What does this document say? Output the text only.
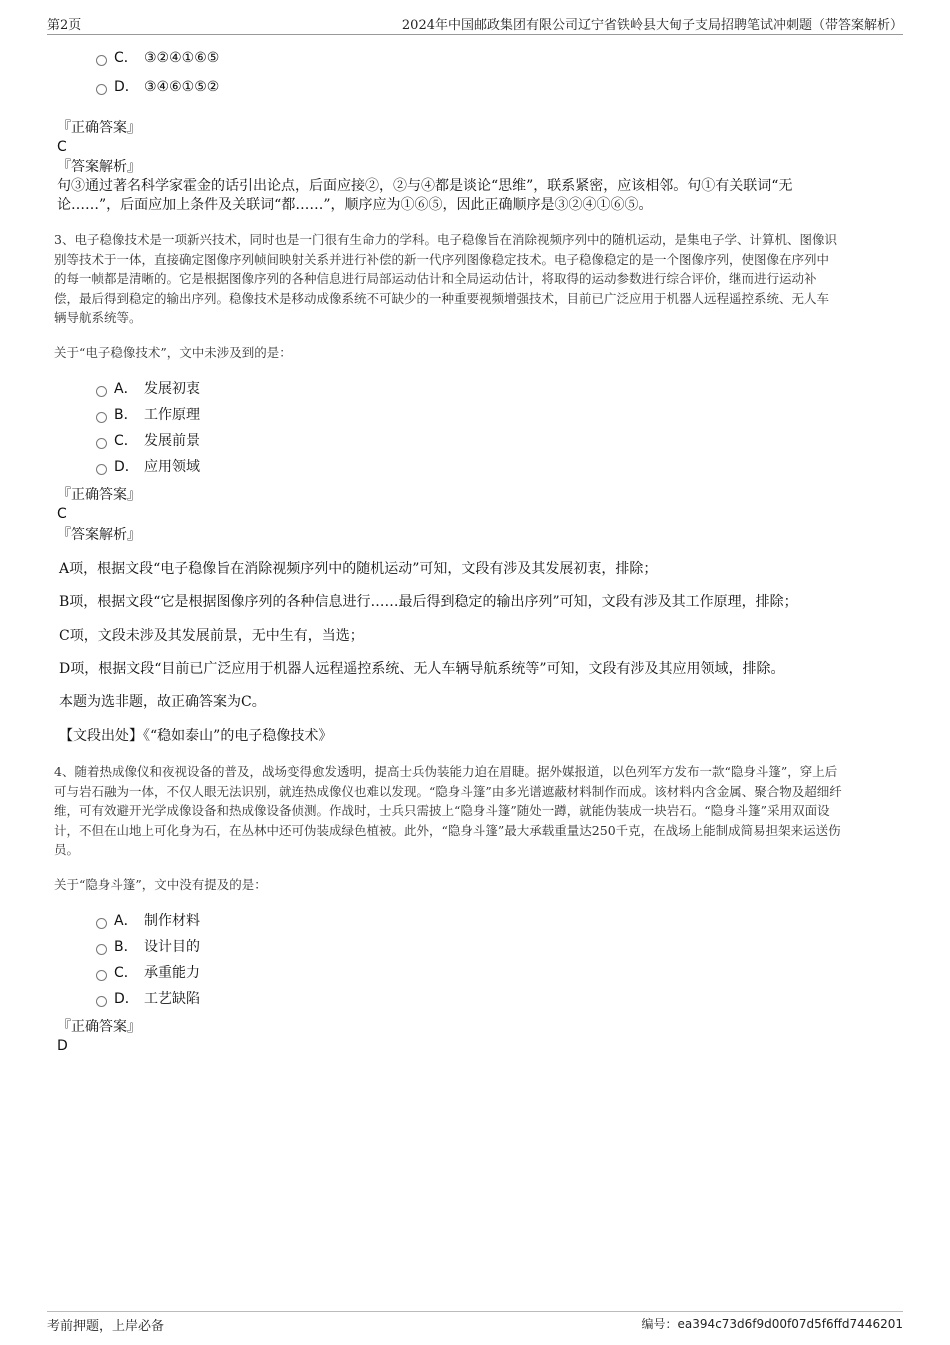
第2页	2024年中国邮政集团有限公司辽宁省铁岭县大甸子支局招聘笔试冲刺题（带答案解析）
C． ③②④①⑥⑤
D． ③④⑥①⑤②
『正确答案』
C
『答案解析』
句③通过著名科学家霍金的话引出论点，后面应接②，②与④都是谈论“思维”，联系紧密，应该相邻。句①有关联词“无
论……”，后面应加上条件及关联词“都……”，顺序应为①⑥⑤，因此正确顺序是③②④①⑥⑤。
3、电子稳像技术是一项新兴技术，同时也是一门很有生命力的学科。电子稳像旨在消除视频序列中的随机运动，是集电子学、计算机、图像识
别等技术于一体，直接确定图像序列帧间映射关系并进行补偿的新一代序列图像稳定技术。电子稳像稳定的是一个图像序列，使图像在序列中
的每一帧都是清晰的。它是根据图像序列的各种信息进行局部运动估计和全局运动估计，将取得的运动参数进行综合评价，继而进行运动补
偿，最后得到稳定的输出序列。稳像技术是移动成像系统不可缺少的一种重要视频增强技术，目前已广泛应用于机器人远程遥控系统、无人车
辆导航系统等。
关于“电子稳像技术”，文中未涉及到的是：
A． 发展初衷
B． 工作原理
C． 发展前景
D． 应用领域
『正确答案』
C
『答案解析』
A项，根据文段“电子稳像旨在消除视频序列中的随机运动”可知，文段有涉及其发展初衷，排除；
B项，根据文段“它是根据图像序列的各种信息进行……最后得到稳定的输出序列”可知，文段有涉及其工作原理，排除；
C项，文段未涉及其发展前景，无中生有，当选；
D项，根据文段“目前已广泛应用于机器人远程遥控系统、无人车辆导航系统等”可知，文段有涉及其应用领域，排除。
本题为选非题，故正确答案为C。
【文段出处】《“稳如泰山”的电子稳像技术》
4、随着热成像仪和夜视设备的普及，战场变得愈发透明，提高士兵伪装能力迫在眉睫。据外媒报道，以色列军方发布一款“隐身斗篷”，穿上后
可与岩石融为一体，不仅人眼无法识别，就连热成像仪也难以发现。“隐身斗篷”由多光谱遮蔽材料制作而成。该材料内含金属、聚合物及超细纤
维，可有效避开光学成像设备和热成像设备侦测。作战时，士兵只需披上“隐身斗篷”随处一蹲，就能伪装成一块岩石。“隐身斗篷”采用双面设
计，不但在山地上可化身为石，在丛林中还可伪装成绿色植被。此外，“隐身斗篷”最大承载重量达250千克，在战场上能制成简易担架来运送伤
员。
关于“隐身斗篷”，文中没有提及的是：
A． 制作材料
B． 设计目的
C． 承重能力
D． 工艺缺陷
『正确答案』
D
考前押题，上岸必备	编号：ea394c73d6f9d00f07d5f6ffd7446201
